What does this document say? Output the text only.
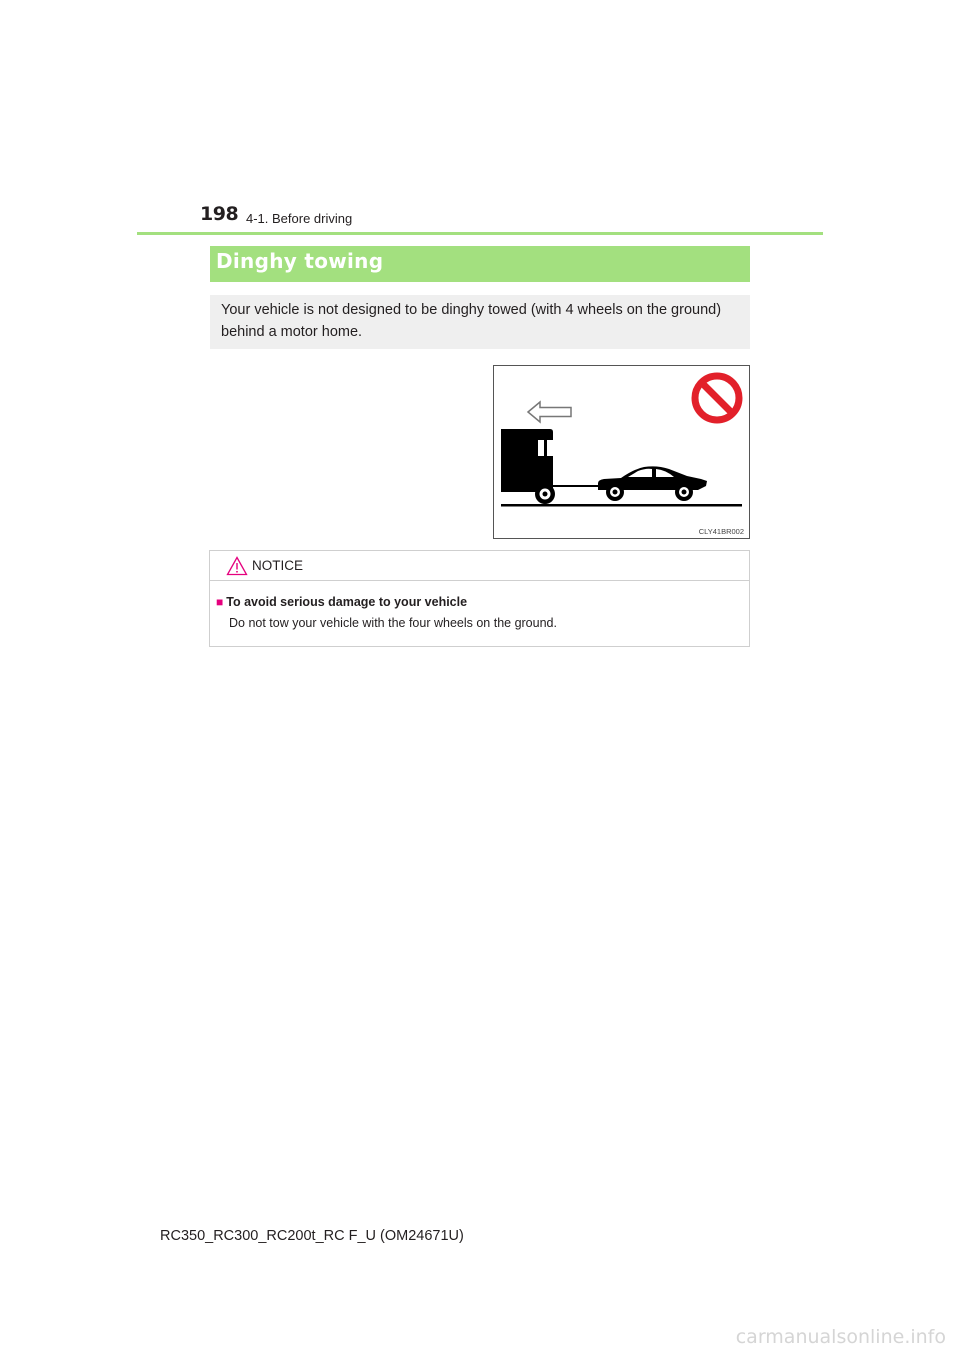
198 4-1. Before driving
Dinghy towing
Your vehicle is not designed to be dinghy towed (with 4 wheels on the ground) behind a motor home.
CLY41BR002
NOTICE
■ To avoid serious damage to your vehicle
Do not tow your vehicle with the four wheels on the ground.
RC350_RC300_RC200t_RC F_U (OM24671U)
carmanualsonline.info
